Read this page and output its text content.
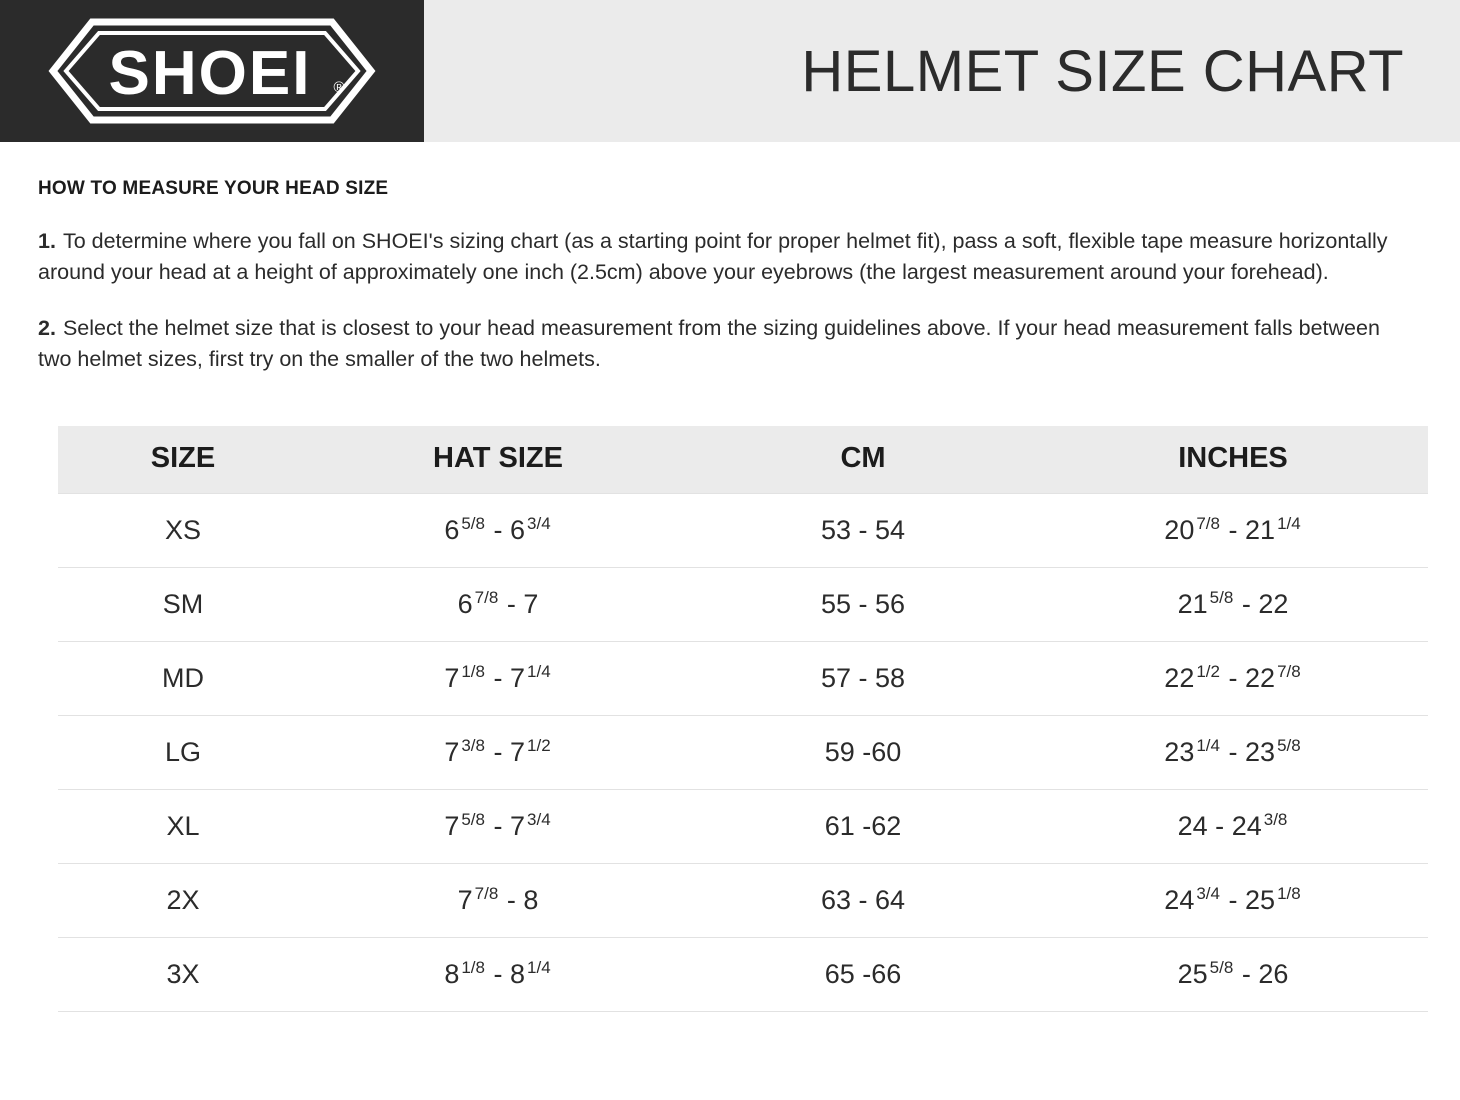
SHOEI ®	HELMET SIZE CHART
HOW TO MEASURE YOUR HEAD SIZE

1. To determine where you fall on SHOEI's sizing chart (as a starting point for proper helmet fit), pass a soft, flexible tape measure horizontally around your head at a height of approximately one inch (2.5cm) above your eyebrows (the largest measurement around your forehead).

2. Select the helmet size that is closest to your head measurement from the sizing guidelines above. If your head measurement falls between two helmet sizes, first try on the smaller of the two helmets.

SIZE	HAT SIZE	CM	INCHES
XS	6 $^{5/8}$ - 6 $^{3/4}$	53 - 54	20 $^{7/8}$ - 21 $^{1/4}$
SM	6 $^{7/8}$ - 7	55 - 56	21 $^{5/8}$ - 22
MD	7 $^{1/8}$ - 7 $^{1/4}$	57 - 58	22 $^{1/2}$ - 22 $^{7/8}$
LG	7 $^{3/8}$ - 7 $^{1/2}$	59 -60	23 $^{1/4}$ - 23 $^{5/8}$
XL	7 $^{5/8}$ - 7 $^{3/4}$	61 -62	24 - 24 $^{3/8}$
2X	7 $^{7/8}$ - 8	63 - 64	24 $^{3/4}$ - 25 $^{1/8}$
3X	8 $^{1/8}$ - 8 $^{1/4}$	65 -66	25 $^{5/8}$ - 26
